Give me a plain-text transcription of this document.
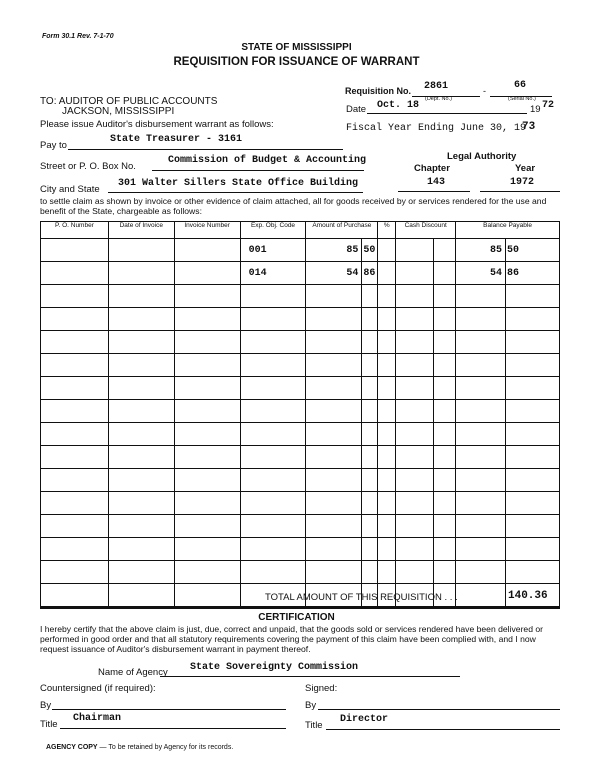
Form 30.1 Rev. 7-1-70
STATE OF MISSISSIPPI
REQUISITION FOR ISSUANCE OF WARRANT
Requisition No. 2861	-	66
(Dept. No.)	(Serial No.)
Date Oct. 18	19 72
Fiscal Year Ending June 30, 19
73
TO: AUDITOR OF PUBLIC ACCOUNTS
JACKSON, MISSISSIPPI
Please issue Auditor's disbursement warrant as follows:
Pay to
State Treasurer - 3161
Street or P. O. Box No.
Commission of Budget & Accounting
City and State
301 Walter Sillers State Office Building
Legal Authority
Chapter	Year
143	1972
to settle claim as shown by invoice or other evidence of claim attached, all for goods received by or services rendered for the use and benefit of the State, chargeable as follows:
P. O. Number	Date of Invoice	Invoice Number	Exp. Obj. Code	Amount of Purchase		%	Cash Discount		Balance Payable	
			001	85	50				85	50
			014	54	86				54	86

TOTAL AMOUNT OF THIS REQUISITION . . .	140.36
CERTIFICATION
I hereby certify that the above claim is just, due, correct and unpaid, that the goods sold or services rendered have been delivered or performed in good order and that all statutory requirements covering the payment of this claim have been complied with, and I now request issuance of Auditor's disbursement warrant in payment thereof.
Name of Agency State Sovereignty Commission
Countersigned (if required):	Signed:
By	By
Title
Chairman
Title
Director
AGENCY COPY — To be retained by Agency for its records.
